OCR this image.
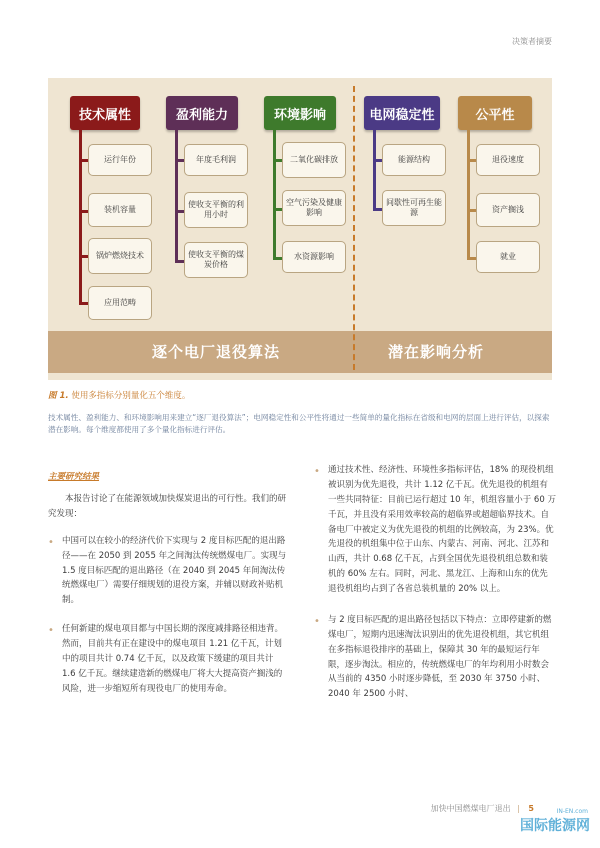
决策者摘要
技术属性
运行年份
装机容量
锅炉燃烧技术
应用范畴
盈利能力
年度毛利润
使收支平衡的利用小时
使收支平衡的煤炭价格
环境影响
二氧化碳排放
空气污染及健康影响
水资源影响
电网稳定性
能源结构
间歇性可再生能源
公平性
退役速度
资产搁浅
就业
逐个电厂退役算法	潜在影响分析
图 1. 使用多指标分别量化五个维度。
技术属性、盈利能力、和环境影响用来建立“逐厂退役算法”；电网稳定性和公平性将通过一些简单的量化指标在省级和电网的层面上进行评估，以探索潜在影响。每个维度都使用了多个量化指标进行评估。
主要研究结果

本报告讨论了在能源领域加快煤炭退出的可行性。我们的研究发现：

• 中国可以在较小的经济代价下实现与 2 度目标匹配的退出路径——在 2050 到 2055 年之间淘汰传统燃煤电厂。实现与 1.5 度目标匹配的退出路径（在 2040 到 2045 年间淘汰传统燃煤电厂）需要仔细规划的退役方案，并辅以财政补贴机制。
• 任何新建的煤电项目都与中国长期的深度减排路径相违背。然而，目前共有正在建设中的煤电项目 1.21 亿千瓦，计划中的项目共计 0.74 亿千瓦，以及政策下缓建的项目共计 1.6 亿千瓦。继续建造新的燃煤电厂将大大提高资产搁浅的风险，进一步缩短所有现役电厂的使用寿命。
• 通过技术性、经济性、环境性多指标评估，18% 的现役机组被识别为优先退役，共计 1.12 亿千瓦。优先退役的机组有一些共同特征：目前已运行超过 10 年，机组容量小于 60 万千瓦，并且没有采用效率较高的超临界或超超临界技术。自备电厂中被定义为优先退役的机组的比例较高，为 23%。优先退役的机组集中位于山东、内蒙古、河南、河北、江苏和山西，共计 0.68 亿千瓦，占到全国优先退役机组总数和装机的 60% 左右。同时，河北、黑龙江、上海和山东的优先退役机组均占到了各省总装机量的 20% 以上。
• 与 2 度目标匹配的退出路径包括以下特点：立即停建新的燃煤电厂，短期内迅速淘汰识别出的优先退役机组，其它机组在多指标退役排序的基础上，保障其 30 年的最短运行年限，逐步淘汰。相应的，传统燃煤电厂的年均利用小时数会从当前的 4350 小时逐步降低，至 2030 年 3750 小时、2040 年 2500 小时、
加快中国燃煤电厂退出 | 5	IN-EN.com
国际能源网
